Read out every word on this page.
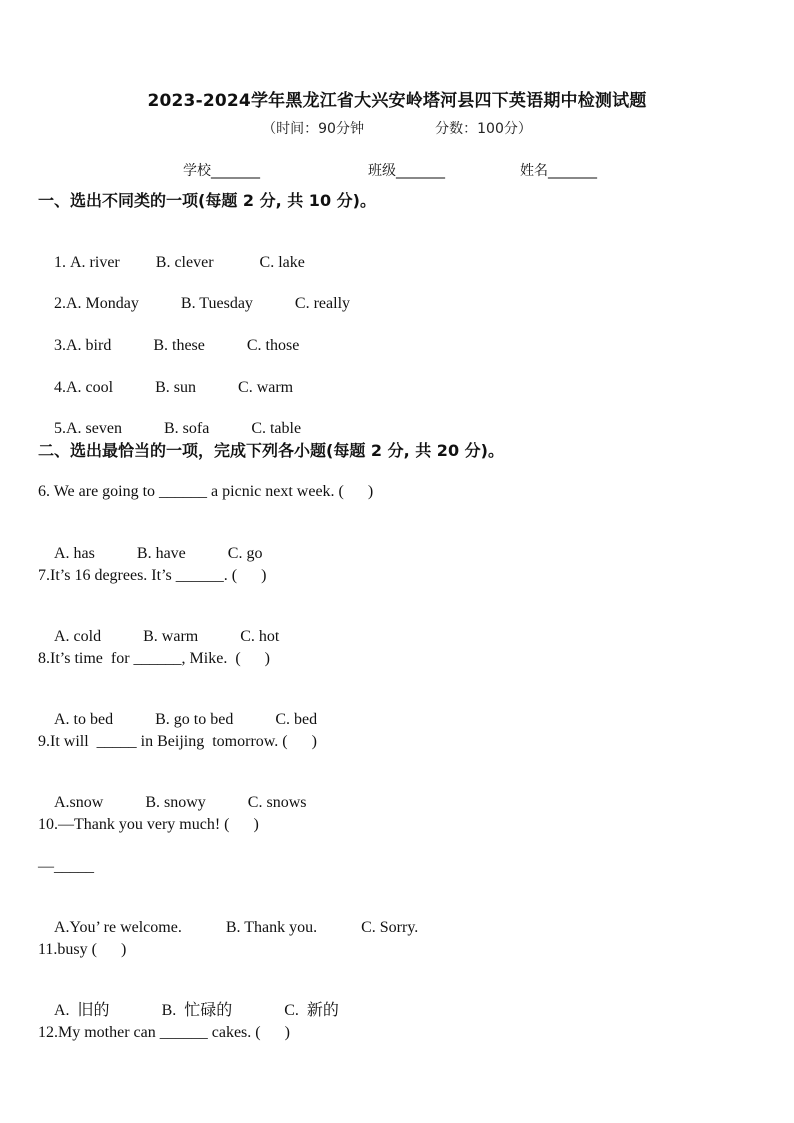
2023-2024学年黑龙江省大兴安岭塔河县四下英语期中检测试题
（时间：90分钟                分数：100分）
学校_______	班级_______	姓名_______
一、选出不同类的一项(每题 2 分, 共 10 分)。

1. A. river B. clever	C. lake

2.A. Monday	B. Tuesday	C. really

3.A. bird	B. these	C. those

4.A. cool	B. sun	C. warm

5.A. seven	B. sofa	C. table

二、选出最恰当的一项，完成下列各小题(每题 2 分, 共 20 分)。
6. We are going to ______ a picnic next week. (      )

A. has	B. have	C. go

7.It’s 16 degrees. It’s ______. (      )

A. cold	B. warm	C. hot

8.It’s time  for ______, Mike.  (      )

A. to bed	B. go to bed	C. bed

9.It will  _____ in Beijing  tomorrow. (      )

A.snow	B. snowy	C. snows

10.—Thank you very much! (      )
—_____

A.You’ re welcome.	B. Thank you.	C. Sorry.

11.busy (      )

A.  旧的	B.  忙碌的	C.  新的

12.My mother can ______ cakes. (      )
